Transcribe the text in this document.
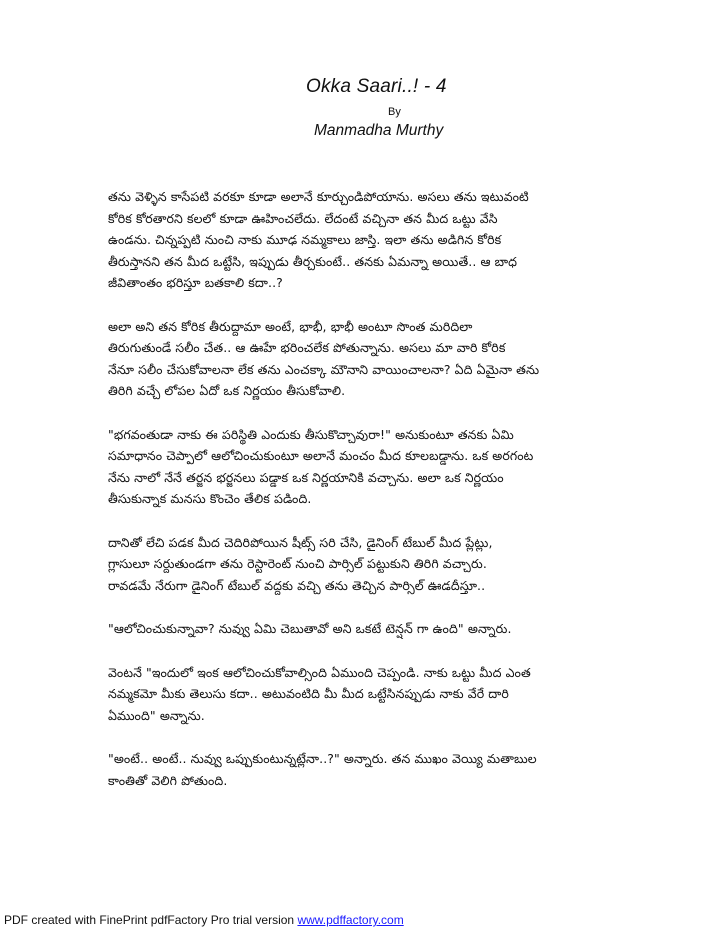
Okka Saari..! - 4
By
Manmadha Murthy
తను వెళ్ళిన కాసేపటి వరకూ కూడా అలానే కూర్చుండిపోయాను. అసలు తను ఇటువంటి
కోరిక కోరతారని కలలో కూడా ఊహించలేదు. లేదంటే వచ్చినా తన మీద ఒట్టు వేసి
ఉండను. చిన్నప్పటి నుంచి నాకు మూఢ నమ్మకాలు జాస్తి. ఇలా తను అడిగిన కోరిక
తీరుస్తానని తన మీద ఒట్టేసి, ఇప్పుడు తీర్చకుంటే.. తనకు ఏమన్నా అయితే.. ఆ బాధ
జీవితాంతం భరిస్తూ బతకాలి కదా..?
అలా అని తన కోరిక తీరుద్దామా అంటే, భాభీ, భాభీ అంటూ సొంత మరిదిలా
తిరుగుతుండే సలీం చేత.. ఆ ఊహే భరించలేక పోతున్నాను. అసలు మా వారి కోరిక
నేనూ సలీం చేసుకోవాలనా లేక తను ఎంచక్కా మౌనాని వాయించాలనా? ఏది ఏమైనా తను
తిరిగి వచ్చే లోపల ఏదో ఒక నిర్ణయం తీసుకోవాలి.
"భగవంతుడా నాకు ఈ పరిస్థితి ఎందుకు తీసుకొచ్చావురా!" అనుకుంటూ తనకు ఏమి
సమాధానం చెప్పాలో ఆలోచించుకుంటూ అలానే మంచం మీద కూలబడ్డాను. ఒక అరగంట
నేను నాలో నేనే తర్జన భర్జనలు పడ్డాక ఒక నిర్ణయానికి వచ్చాను. అలా ఒక నిర్ణయం
తీసుకున్నాక మనసు కొంచెం తేలిక పడింది.
దానితో లేచి పడక మీద చెదిరిపోయిన షీట్స్ సరి చేసి, డైనింగ్ టేబుల్ మీద ప్లేట్లు,
గ్లాసులూ సర్దుతుండగా తను రెస్టారెంట్ నుంచి పార్సిల్ పట్టుకుని తిరిగి వచ్చారు.
రావడమే నేరుగా డైనింగ్ టేబుల్ వద్దకు వచ్చి తను తెచ్చిన పార్సిల్ ఊడదీస్తూ..
"ఆలోచించుకున్నావా? నువ్వు ఏమి చెబుతావో అని ఒకటే టెన్షన్ గా ఉంది" అన్నారు.
వెంటనే "ఇందులో ఇంక ఆలోచించుకోవాల్సింది ఏముంది చెప్పండి. నాకు ఒట్టు మీద ఎంత
నమ్మకమో మీకు తెలుసు కదా.. అటువంటిది మీ మీద ఒట్టేసినప్పుడు నాకు వేరే దారి
ఏముంది" అన్నాను.
"అంటే.. అంటే.. నువ్వు ఒప్పుకుంటున్నట్లేనా..?" అన్నారు. తన ముఖం వెయ్యి మతాబుల
కాంతితో వెలిగి పోతుంది.
PDF created with FinePrint pdfFactory Pro trial version www.pdffactory.com
